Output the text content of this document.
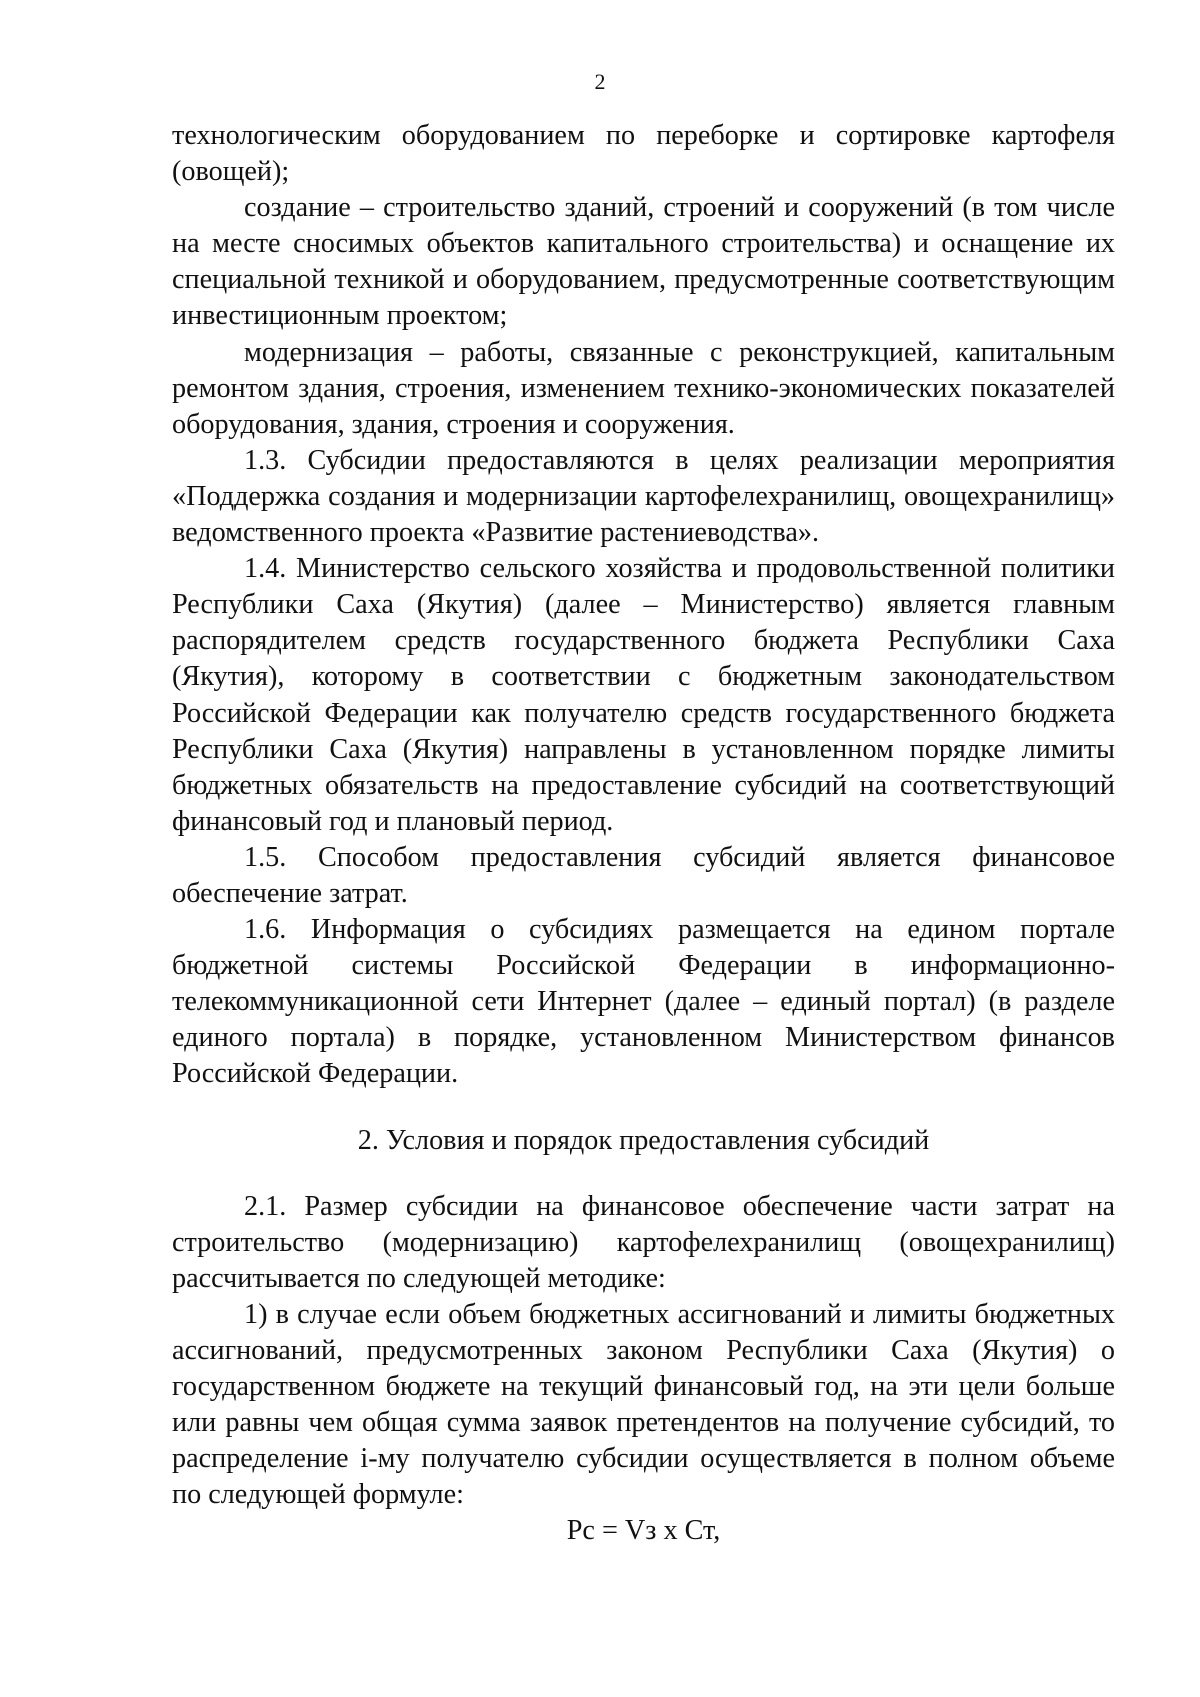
2

технологическим оборудованием по переборке и сортировке картофеля (овощей);

создание – строительство зданий, строений и сооружений (в том числе на месте сносимых объектов капитального строительства) и оснащение их специальной техникой и оборудованием, предусмотренные соответствующим инвестиционным проектом;

модернизация – работы, связанные с реконструкцией, капитальным ремонтом здания, строения, изменением технико-экономических показателей оборудования, здания, строения и сооружения.

1.3. Субсидии предоставляются в целях реализации мероприятия «Поддержка создания и модернизации картофелехранилищ, овощехранилищ» ведомственного проекта «Развитие растениеводства».

1.4. Министерство сельского хозяйства и продовольственной политики Республики Саха (Якутия) (далее – Министерство) является главным распорядителем средств государственного бюджета Республики Саха (Якутия), которому в соответствии с бюджетным законодательством Российской Федерации как получателю средств государственного бюджета Республики Саха (Якутия) направлены в установленном порядке лимиты бюджетных обязательств на предоставление субсидий на соответствующий финансовый год и плановый период.

1.5. Способом предоставления субсидий является финансовое обеспечение затрат.

1.6. Информация о субсидиях размещается на едином портале бюджетной системы Российской Федерации в информационно-телекоммуникационной сети Интернет (далее – единый портал) (в разделе единого портала) в порядке, установленном Министерством финансов Российской Федерации.

2. Условия и порядок предоставления субсидий

2.1. Размер субсидии на финансовое обеспечение части затрат на строительство (модернизацию) картофелехранилищ (овощехранилищ) рассчитывается по следующей методике:

1) в случае если объем бюджетных ассигнований и лимиты бюджетных ассигнований, предусмотренных законом Республики Саха (Якутия) о государственном бюджете на текущий финансовый год, на эти цели больше или равны чем общая сумма заявок претендентов на получение субсидий, то распределение i-му получателю субсидии осуществляется в полном объеме по следующей формуле:

Рс = Vз х Ст,
